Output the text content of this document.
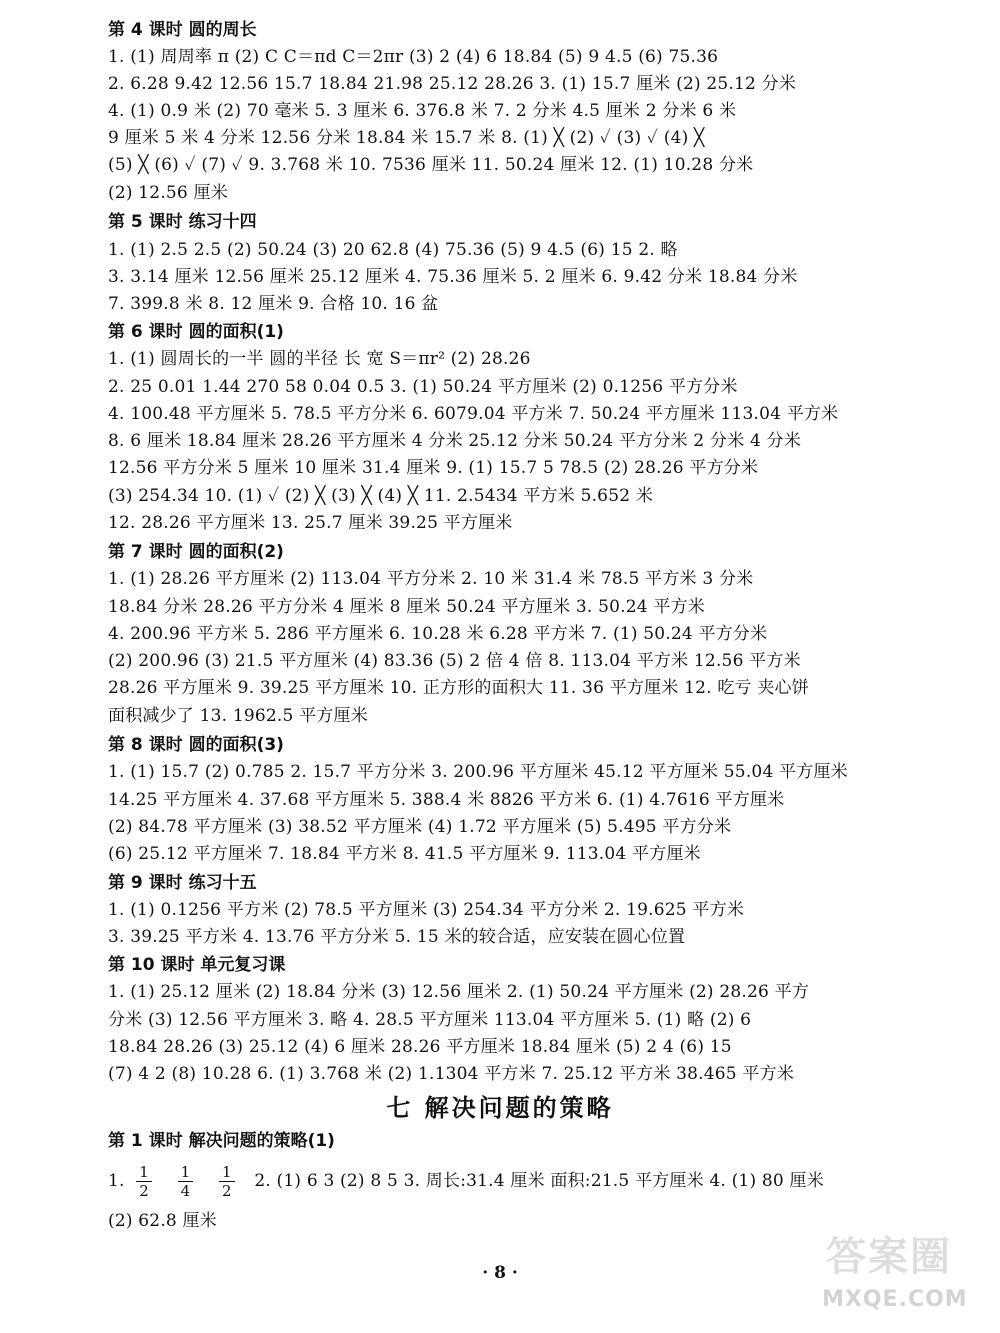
第 4 课时 圆的周长
1. (1) 周周率 π (2) C C＝πd C＝2πr (3) 2 (4) 6 18.84 (5) 9 4.5 (6) 75.36
2. 6.28 9.42 12.56 15.7 18.84 21.98 25.12 28.26 3. (1) 15.7 厘米 (2) 25.12 分米
4. (1) 0.9 米 (2) 70 毫米 5. 3 厘米 6. 376.8 米 7. 2 分米 4.5 厘米 2 分米 6 米
9 厘米 5 米 4 分米 12.56 分米 18.84 米 15.7 米 8. (1) ╳ (2) ✓ (3) ✓ (4) ╳
(5) ╳ (6) ✓ (7) ✓ 9. 3.768 米 10. 7536 厘米 11. 50.24 厘米 12. (1) 10.28 分米
(2) 12.56 厘米
第 5 课时 练习十四
1. (1) 2.5 2.5 (2) 50.24 (3) 20 62.8 (4) 75.36 (5) 9 4.5 (6) 15 2. 略
3. 3.14 厘米 12.56 厘米 25.12 厘米 4. 75.36 厘米 5. 2 厘米 6. 9.42 分米 18.84 分米
7. 399.8 米 8. 12 厘米 9. 合格 10. 16 盆
第 6 课时 圆的面积(1)
1. (1) 圆周长的一半 圆的半径 长 宽 S＝πr² (2) 28.26
2. 25 0.01 1.44 270 58 0.04 0.5 3. (1) 50.24 平方厘米 (2) 0.1256 平方分米
4. 100.48 平方厘米 5. 78.5 平方分米 6. 6079.04 平方米 7. 50.24 平方厘米 113.04 平方米
8. 6 厘米 18.84 厘米 28.26 平方厘米 4 分米 25.12 分米 50.24 平方分米 2 分米 4 分米
12.56 平方分米 5 厘米 10 厘米 31.4 厘米 9. (1) 15.7 5 78.5 (2) 28.26 平方分米
(3) 254.34 10. (1) ✓ (2) ╳ (3) ╳ (4) ╳ 11. 2.5434 平方米 5.652 米
12. 28.26 平方厘米 13. 25.7 厘米 39.25 平方厘米
第 7 课时 圆的面积(2)
1. (1) 28.26 平方厘米 (2) 113.04 平方分米 2. 10 米 31.4 米 78.5 平方米 3 分米
18.84 分米 28.26 平方分米 4 厘米 8 厘米 50.24 平方厘米 3. 50.24 平方米
4. 200.96 平方米 5. 286 平方厘米 6. 10.28 米 6.28 平方米 7. (1) 50.24 平方分米
(2) 200.96 (3) 21.5 平方厘米 (4) 83.36 (5) 2 倍 4 倍 8. 113.04 平方米 12.56 平方米
28.26 平方厘米 9. 39.25 平方厘米 10. 正方形的面积大 11. 36 平方厘米 12. 吃亏 夹心饼
面积减少了 13. 1962.5 平方厘米
第 8 课时 圆的面积(3)
1. (1) 15.7 (2) 0.785 2. 15.7 平方分米 3. 200.96 平方厘米 45.12 平方厘米 55.04 平方厘米
14.25 平方厘米 4. 37.68 平方厘米 5. 388.4 米 8826 平方米 6. (1) 4.7616 平方厘米
(2) 84.78 平方厘米 (3) 38.52 平方厘米 (4) 1.72 平方厘米 (5) 5.495 平方分米
(6) 25.12 平方厘米 7. 18.84 平方米 8. 41.5 平方厘米 9. 113.04 平方厘米
第 9 课时 练习十五
1. (1) 0.1256 平方米 (2) 78.5 平方厘米 (3) 254.34 平方分米 2. 19.625 平方米
3. 39.25 平方米 4. 13.76 平方分米 5. 15 米的较合适，应安装在圆心位置
第 10 课时 单元复习课
1. (1) 25.12 厘米 (2) 18.84 分米 (3) 12.56 厘米 2. (1) 50.24 平方厘米 (2) 28.26 平方
分米 (3) 12.56 平方厘米 3. 略 4. 28.5 平方厘米 113.04 平方厘米 5. (1) 略 (2) 6
18.84 28.26 (3) 25.12 (4) 6 厘米 28.26 平方厘米 18.84 厘米 (5) 2 4 (6) 15
(7) 4 2 (8) 10.28 6. (1) 3.768 米 (2) 1.1304 平方米 7. 25.12 平方米 38.465 平方米
七 解决问题的策略
第 1 课时 解决问题的策略(1)
1. $\frac{1}{2}$
$\frac{1}{4}$
$\frac{1}{2} 2$. (1) 6 3 (2) 8 5 3. 周长:31.4 厘米 面积:21.5 平方厘米 4. (1) 80 厘米
(2) 62.8 厘米
· 8 ·	答案圈
MXQE.COM
